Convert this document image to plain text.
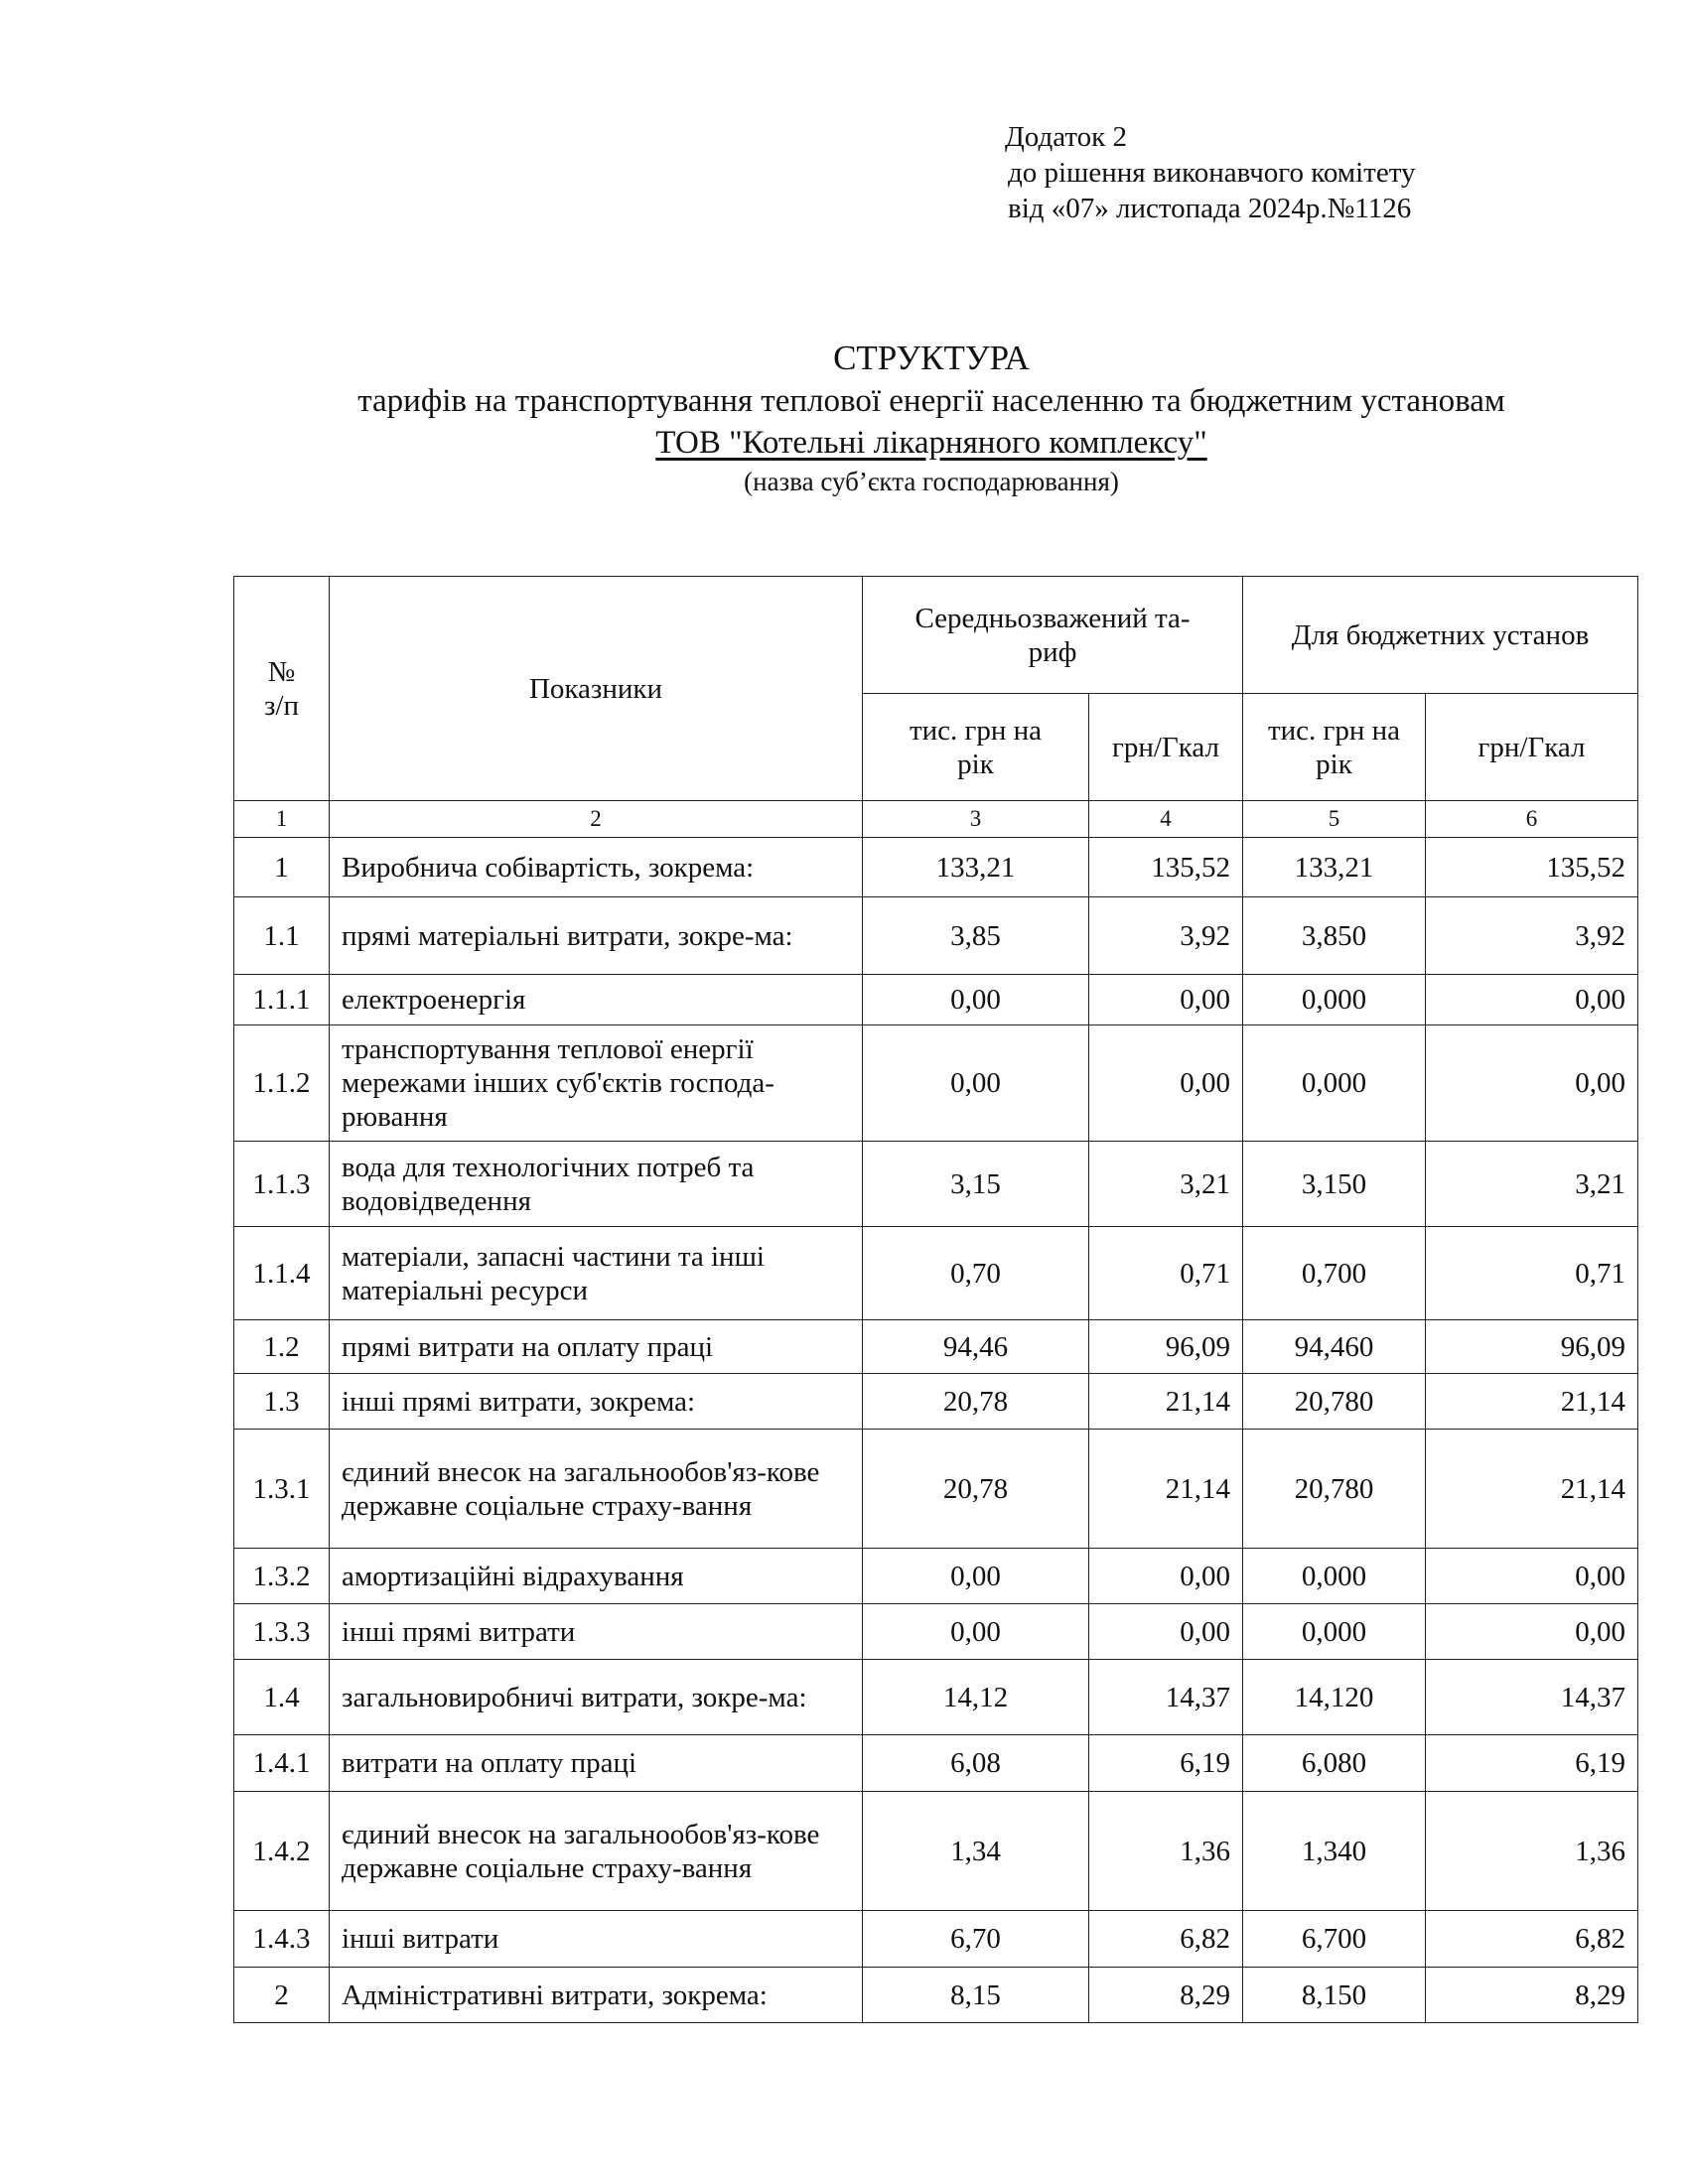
Додаток 2
до рішення виконавчого комітету
від «07» листопада 2024р.№1126
СТРУКТУРА
тарифів на транспортування теплової енергії населенню та бюджетним установам
ТОВ "Котельні лікарняного комплексу"
(назва суб’єкта господарювання)
№ з/п	Показники	Середньозважений та-риф		Для бюджетних установ	
		тис. грн на рік	грн/Гкал	тис. грн на рік	грн/Гкал
1	2	3	4	5	6
1	Виробнича собівартість, зокрема:	133,21	135,52	133,21	135,52
1.1	прямі матеріальні витрати, зокре-ма:	3,85	3,92	3,850	3,92
1.1.1	електроенергія	0,00	0,00	0,000	0,00
1.1.2	транспортування теплової енергії мережами інших суб'єктів господа-рювання	0,00	0,00	0,000	0,00
1.1.3	вода для технологічних потреб та водовідведення	3,15	3,21	3,150	3,21
1.1.4	матеріали, запасні частини та інші матеріальні ресурси	0,70	0,71	0,700	0,71
1.2	прямі витрати на оплату праці	94,46	96,09	94,460	96,09
1.3	інші прямі витрати, зокрема:	20,78	21,14	20,780	21,14
1.3.1	єдиний внесок на загальнообов'яз-кове державне соціальне страху-вання	20,78	21,14	20,780	21,14
1.3.2	амортизаційні відрахування	0,00	0,00	0,000	0,00
1.3.3	інші прямі витрати	0,00	0,00	0,000	0,00
1.4	загальновиробничі витрати, зокре-ма:	14,12	14,37	14,120	14,37
1.4.1	витрати на оплату праці	6,08	6,19	6,080	6,19
1.4.2	єдиний внесок на загальнообов'яз-кове державне соціальне страху-вання	1,34	1,36	1,340	1,36
1.4.3	інші витрати	6,70	6,82	6,700	6,82
2	Адміністративні витрати, зокрема:	8,15	8,29	8,150	8,29
